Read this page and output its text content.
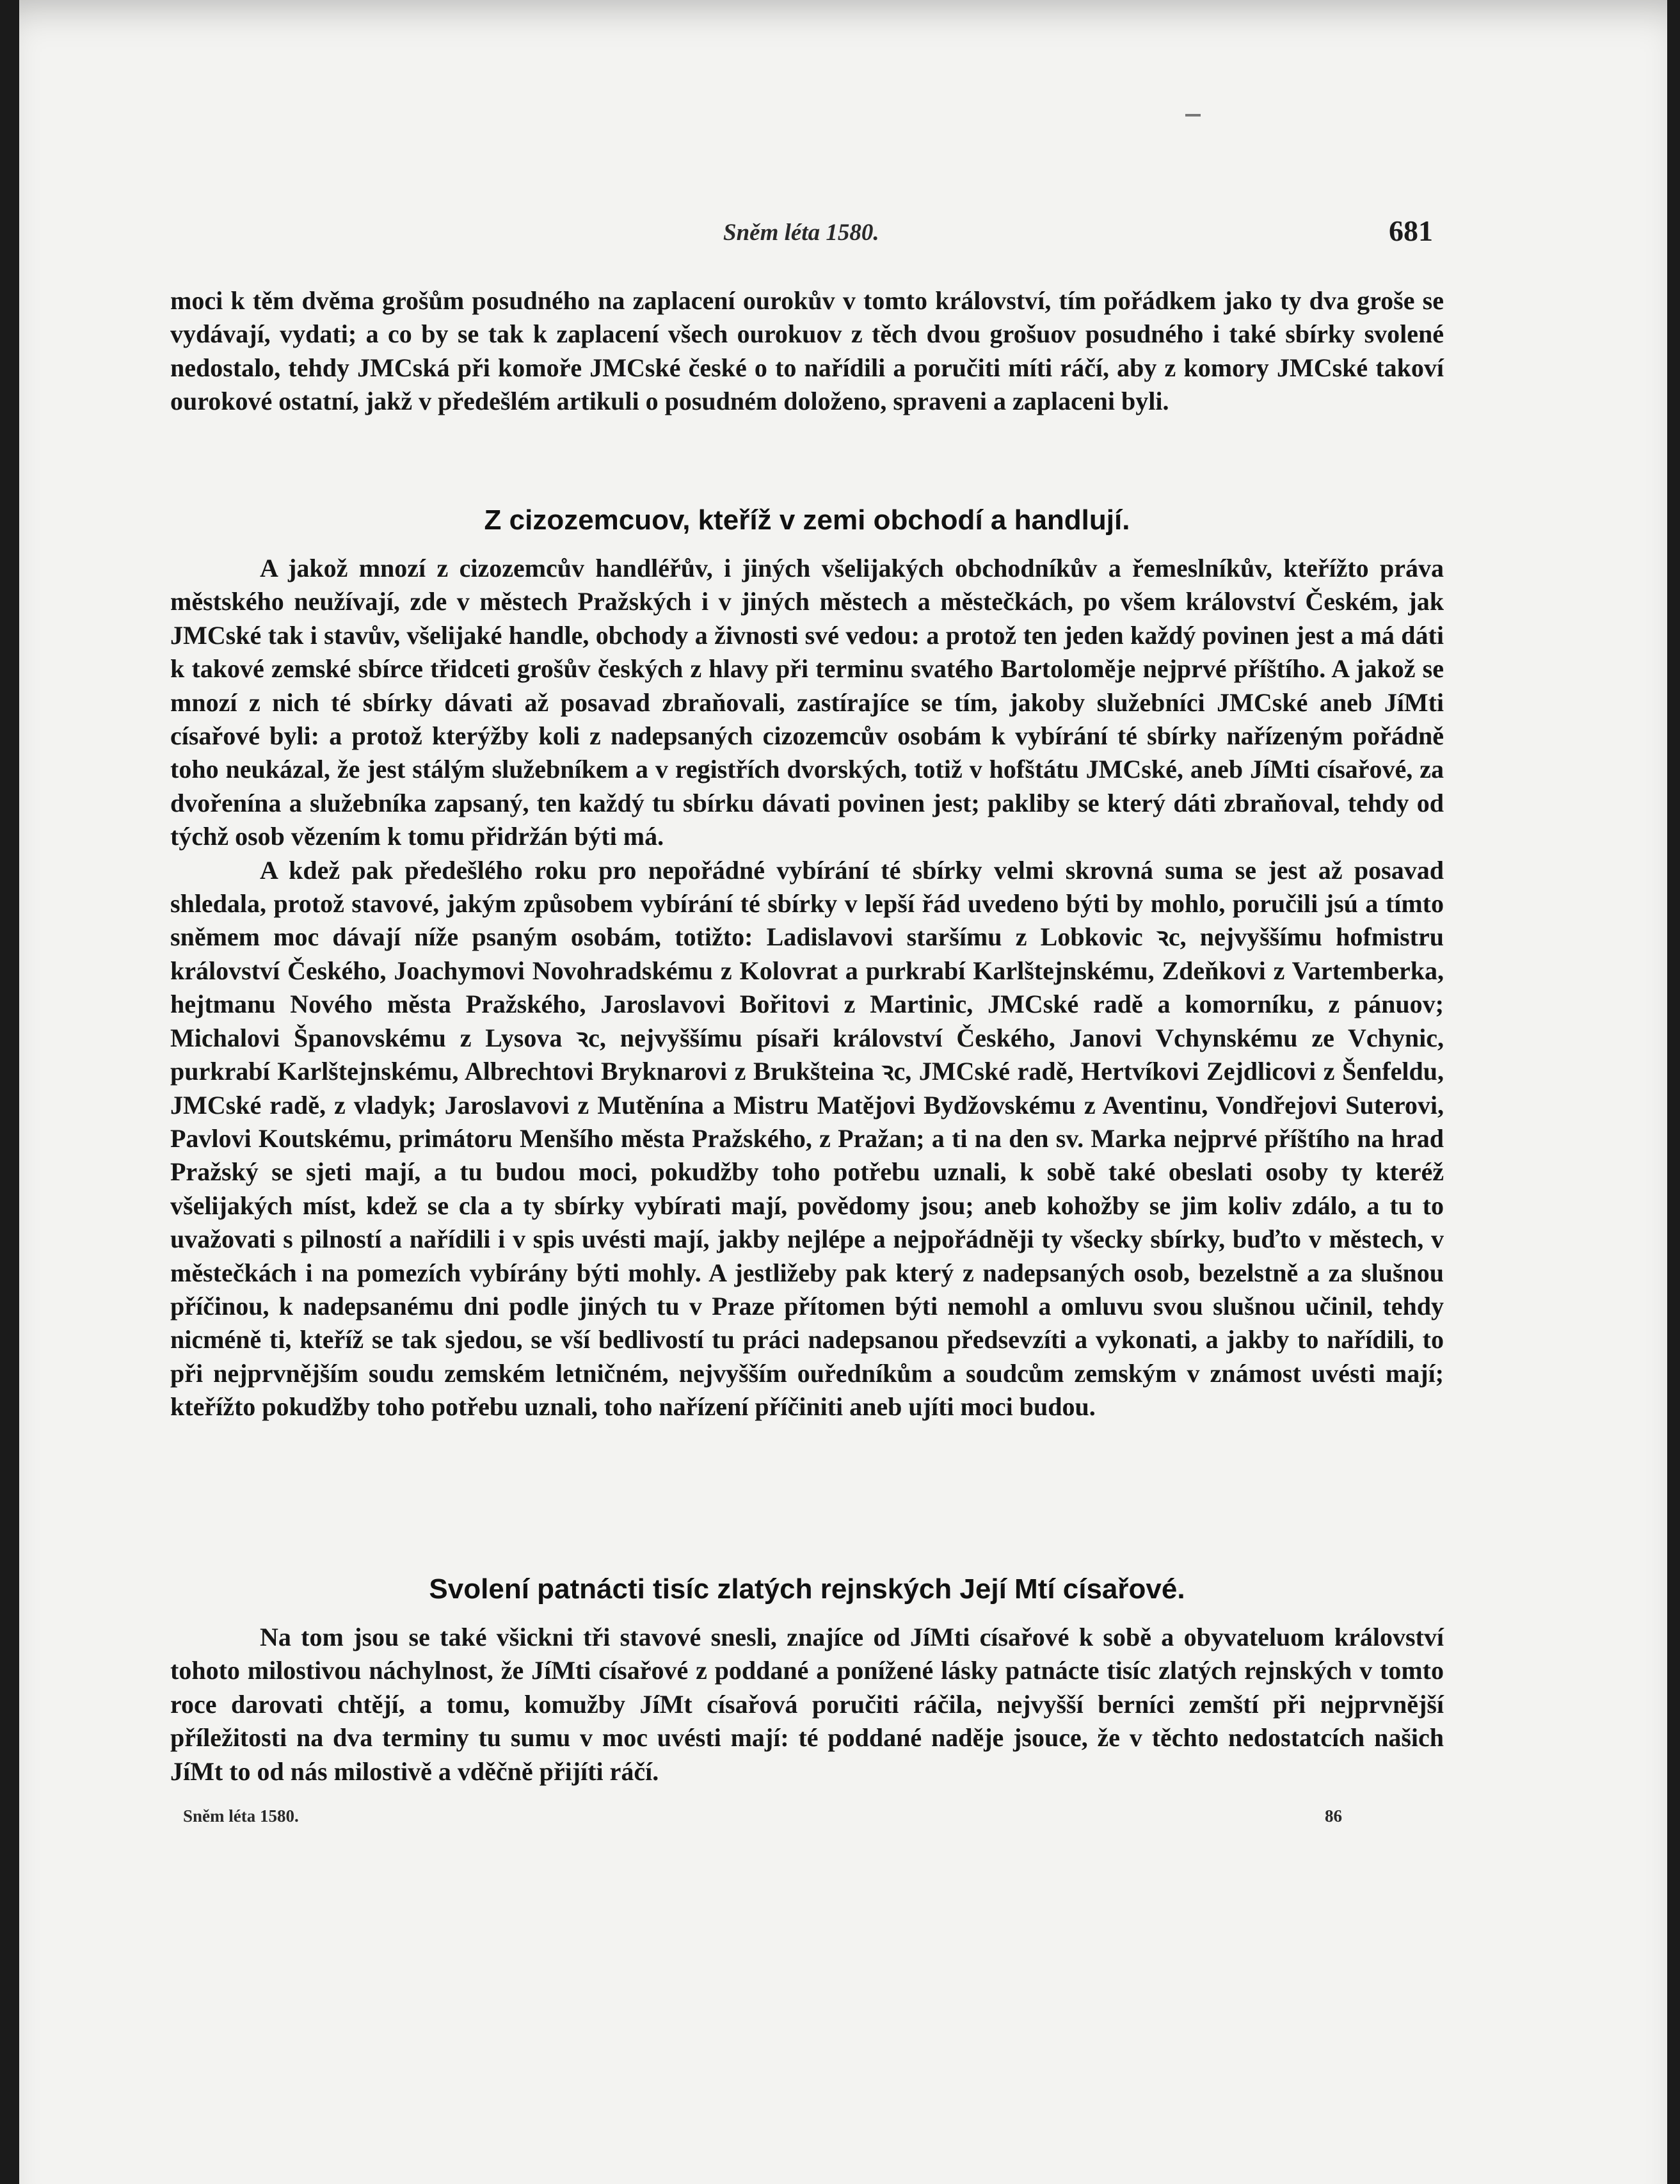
Sněm léta 1580.	681

moci k těm dvěma grošům posudného na zaplacení ourokův v tomto království, tím pořádkem jako ty dva groše se vydávají, vydati; a co by se tak k zaplacení všech ourokuov z těch dvou grošuov posudného i také sbírky svolené nedostalo, tehdy JMCská při komoře JMCské české o to nařídili a poručiti míti ráčí, aby z komory JMCské takoví ourokové ostatní, jakž v předešlém artikuli o posudném doloženo, spraveni a zaplaceni byli.

Z cizozemcuov, kteříž v zemi obchodí a handlují.

A jakož mnozí z cizozemcův handléřův, i jiných všelijakých obchodníkův a řemeslníkův, kteřížto práva městského neužívají, zde v městech Pražských i v jiných městech a městečkách, po všem království Českém, jak JMCské tak i stavův, všelijaké handle, obchody a živnosti své vedou: a protož ten jeden každý povinen jest a má dáti k takové zemské sbírce třidceti grošův českých z hlavy při terminu svatého Bartoloměje nejprvé příštího. A jakož se mnozí z nich té sbírky dávati až posavad zbraňovali, zastírajíce se tím, jakoby služebníci JMCské aneb JíMti císařové byli: a protož kterýžby koli z nadepsaných cizozemcův osobám k vybírání té sbírky nařízeným pořádně toho neukázal, že jest stálým služebníkem a v registřích dvorských, totiž v hofštátu JMCské, aneb JíMti císařové, za dvořenína a služebníka zapsaný, ten každý tu sbírku dávati povinen jest; pakliby se který dáti zbraňoval, tehdy od týchž osob vězením k tomu přidržán býti má.

A kdež pak předešlého roku pro nepořádné vybírání té sbírky velmi skrovná suma se jest až posavad shledala, protož stavové, jakým způsobem vybírání té sbírky v lepší řád uvedeno býti by mohlo, poručili jsú a tímto sněmem moc dávají níže psaným osobám, totižto: Ladislavovi staršímu z Lobkovic ꝛc, nejvyššímu hofmistru království Českého, Joachymovi Novohradskému z Kolovrat a purkrabí Karlštejnskému, Zdeňkovi z Vartemberka, hejtmanu Nového města Pražského, Jaroslavovi Bořitovi z Martinic, JMCské radě a komorníku, z pánuov; Michalovi Španovskému z Lysova ꝛc, nejvyššímu písaři království Českého, Janovi Vchynskému ze Vchynic, purkrabí Karlštejnskému, Albrechtovi Bryknarovi z Brukšteina ꝛc, JMCské radě, Hertvíkovi Zejdlicovi z Šenfeldu, JMCské radě, z vladyk; Jaroslavovi z Mutěnína a Mistru Matějovi Bydžovskému z Aventinu, Vondřejovi Suterovi, Pavlovi Koutskému, primátoru Menšího města Pražského, z Pražan; a ti na den sv. Marka nejprvé příštího na hrad Pražský se sjeti mají, a tu budou moci, pokudžby toho potřebu uznali, k sobě také obeslati osoby ty kteréž všelijakých míst, kdež se cla a ty sbírky vybírati mají, povědomy jsou; aneb kohožby se jim koliv zdálo, a tu to uvažovati s pilností a nařídili i v spis uvésti mají, jakby nejlépe a nejpořádněji ty všecky sbírky, buďto v městech, v městečkách i na pomezích vybírány býti mohly. A jestližeby pak který z nadepsaných osob, bezelstně a za slušnou příčinou, k nadepsanému dni podle jiných tu v Praze přítomen býti nemohl a omluvu svou slušnou učinil, tehdy nicméně ti, kteříž se tak sjedou, se vší bedlivostí tu práci nadepsanou předsevzíti a vykonati, a jakby to nařídili, to při nejprvnějším soudu zemském letničném, nejvyšším ouředníkům a soudcům zemským v známost uvésti mají; kteřížto pokudžby toho potřebu uznali, toho nařízení příčiniti aneb ujíti moci budou.

Svolení patnácti tisíc zlatých rejnských Její Mtí císařové.

Na tom jsou se také všickni tři stavové snesli, znajíce od JíMti císařové k sobě a obyvateluom království tohoto milostivou náchylnost, že JíMti císařové z poddané a ponížené lásky patnácte tisíc zlatých rejnských v tomto roce darovati chtějí, a tomu, komužby JíMt císařová poručiti ráčila, nejvyšší berníci zemští při nejprvnější příležitosti na dva terminy tu sumu v moc uvésti mají: té poddané naděje jsouce, že v těchto nedostatcích našich JíMt to od nás milostivě a vděčně přijíti ráčí.

Sněm léta 1580.	86
